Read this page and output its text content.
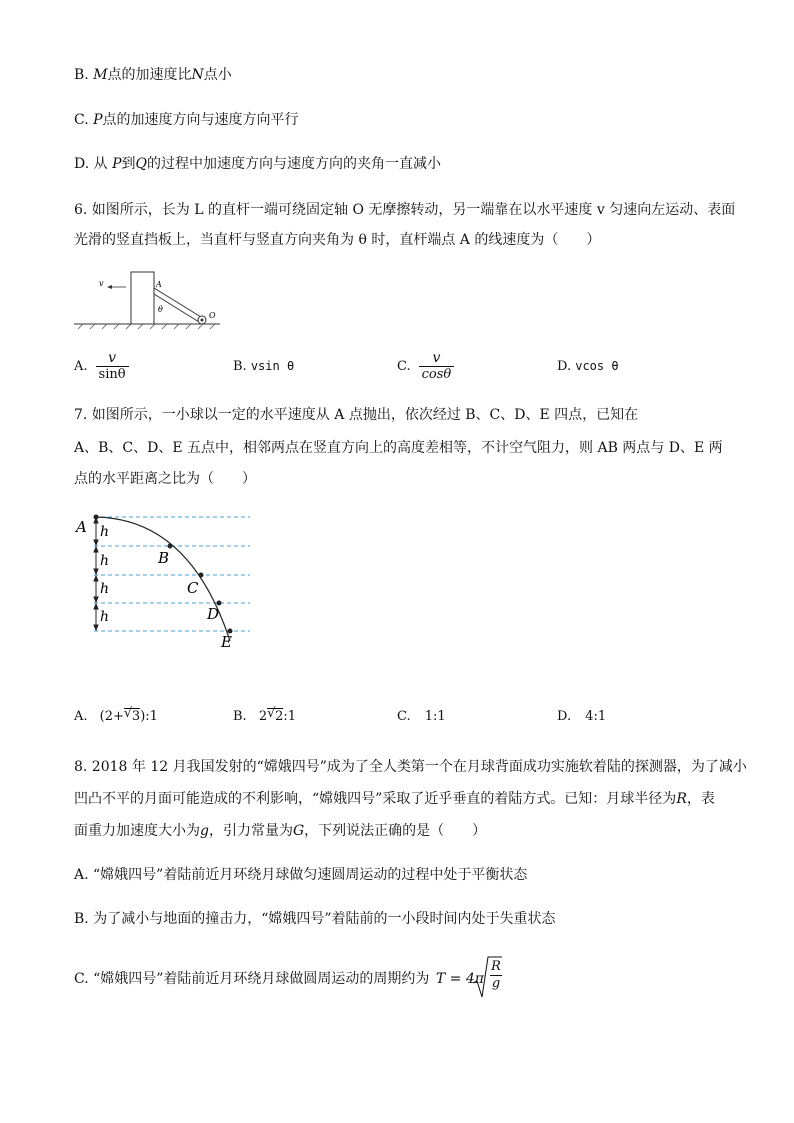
B. M点的加速度比N点小
C. P点的加速度方向与速度方向平行
D. 从 P到Q的过程中加速度方向与速度方向的夹角一直减小
6. 如图所示，长为 L 的直杆一端可绕固定轴 O 无摩擦转动，另一端靠在以水平速度 v 匀速向左运动、表面
光滑的竖直挡板上，当直杆与竖直方向夹角为 θ 时，直杆端点 A 的线速度为（　　）
v	A
θ
O
A. $\frac{v}{\sin\theta}$	B. vsin θ	C. $\frac{v}{\cos\theta}$	D. vcos θ
7. 如图所示，一小球以一定的水平速度从 A 点抛出，依次经过 B、C、D、E 四点，已知在
A、B、C、D、E 五点中，相邻两点在竖直方向上的高度差相等，不计空气阻力，则 AB 两点与 D、E 两
点的水平距离之比为（　　）
h
h
h
h
A
B
C
D
E
A. (2+ √ 3):1	B. 2 √ 2:1	C. 1:1	D. 4:1
8. 2018 年 12 月我国发射的“嫦娥四号”成为了全人类第一个在月球背面成功实施软着陆的探测器，为了减小
凹凸不平的月面可能造成的不利影响，“嫦娥四号”采取了近乎垂直的着陆方式。已知：月球半径为R，表
面重力加速度大小为g，引力常量为G，下列说法正确的是（　　）
A. “嫦娥四号”着陆前近月环绕月球做匀速圆周运动的过程中处于平衡状态
B. 为了减小与地面的撞击力，“嫦娥四号”着陆前的一小段时间内处于失重状态
C. “嫦娥四号”着陆前近月环绕月球做圆周运动的周期约为 T = 4π
R
g
